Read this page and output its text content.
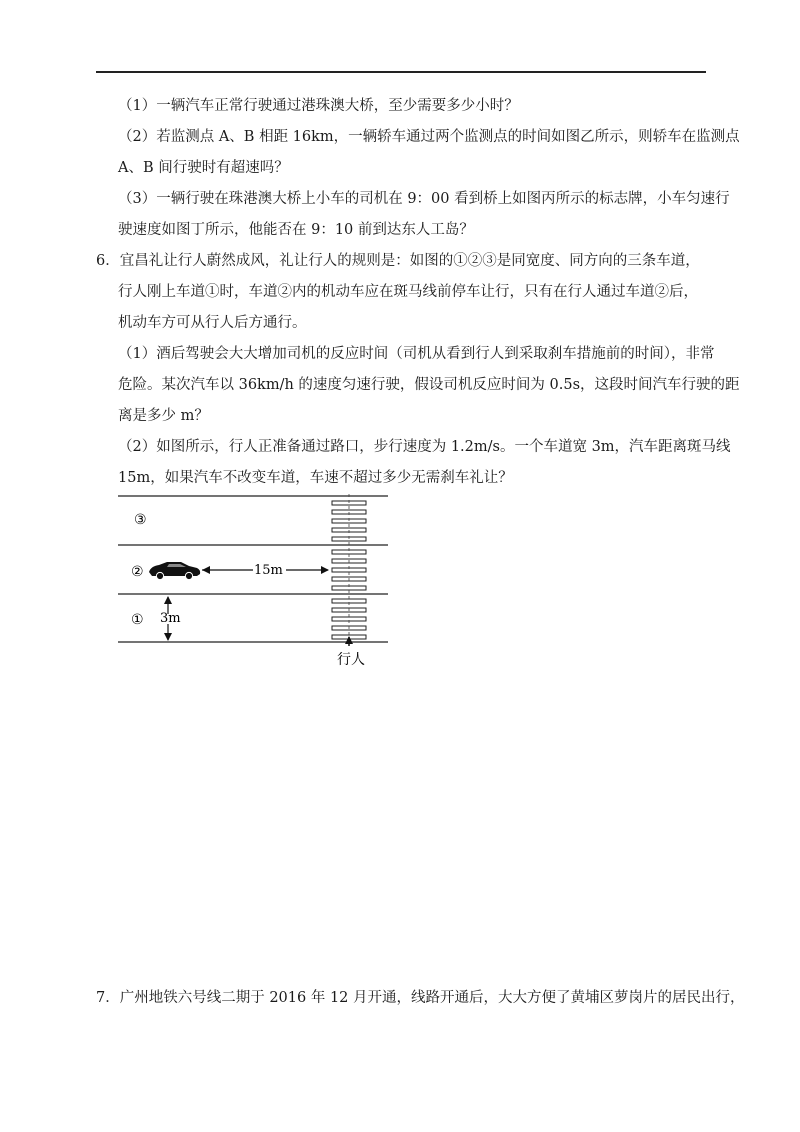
（1）一辆汽车正常行驶通过港珠澳大桥，至少需要多少小时？
（2）若监测点 A、B 相距 16km，一辆轿车通过两个监测点的时间如图乙所示，则轿车在监测点
A、B 间行驶时有超速吗？
（3）一辆行驶在珠港澳大桥上小车的司机在 9：00 看到桥上如图丙所示的标志牌，小车匀速行
驶速度如图丁所示，他能否在 9：10 前到达东人工岛？
6．宜昌礼让行人蔚然成风，礼让行人的规则是：如图的①②③是同宽度、同方向的三条车道，
行人刚上车道①时，车道②内的机动车应在斑马线前停车让行，只有在行人通过车道②后，
机动车方可从行人后方通行。
（1）酒后驾驶会大大增加司机的反应时间（司机从看到行人到采取刹车措施前的时间），非常
危险。某次汽车以 36km/h 的速度匀速行驶，假设司机反应时间为 0.5s，这段时间汽车行驶的距
离是多少 m？
（2）如图所示，行人正准备通过路口，步行速度为 1.2m/s。一个车道宽 3m，汽车距离斑马线
15m，如果汽车不改变车道，车速不超过多少无需刹车礼让？
③
②
①
15m
3m
行人
7．广州地铁六号线二期于 2016 年 12 月开通，线路开通后，大大方便了黄埔区萝岗片的居民出行，
